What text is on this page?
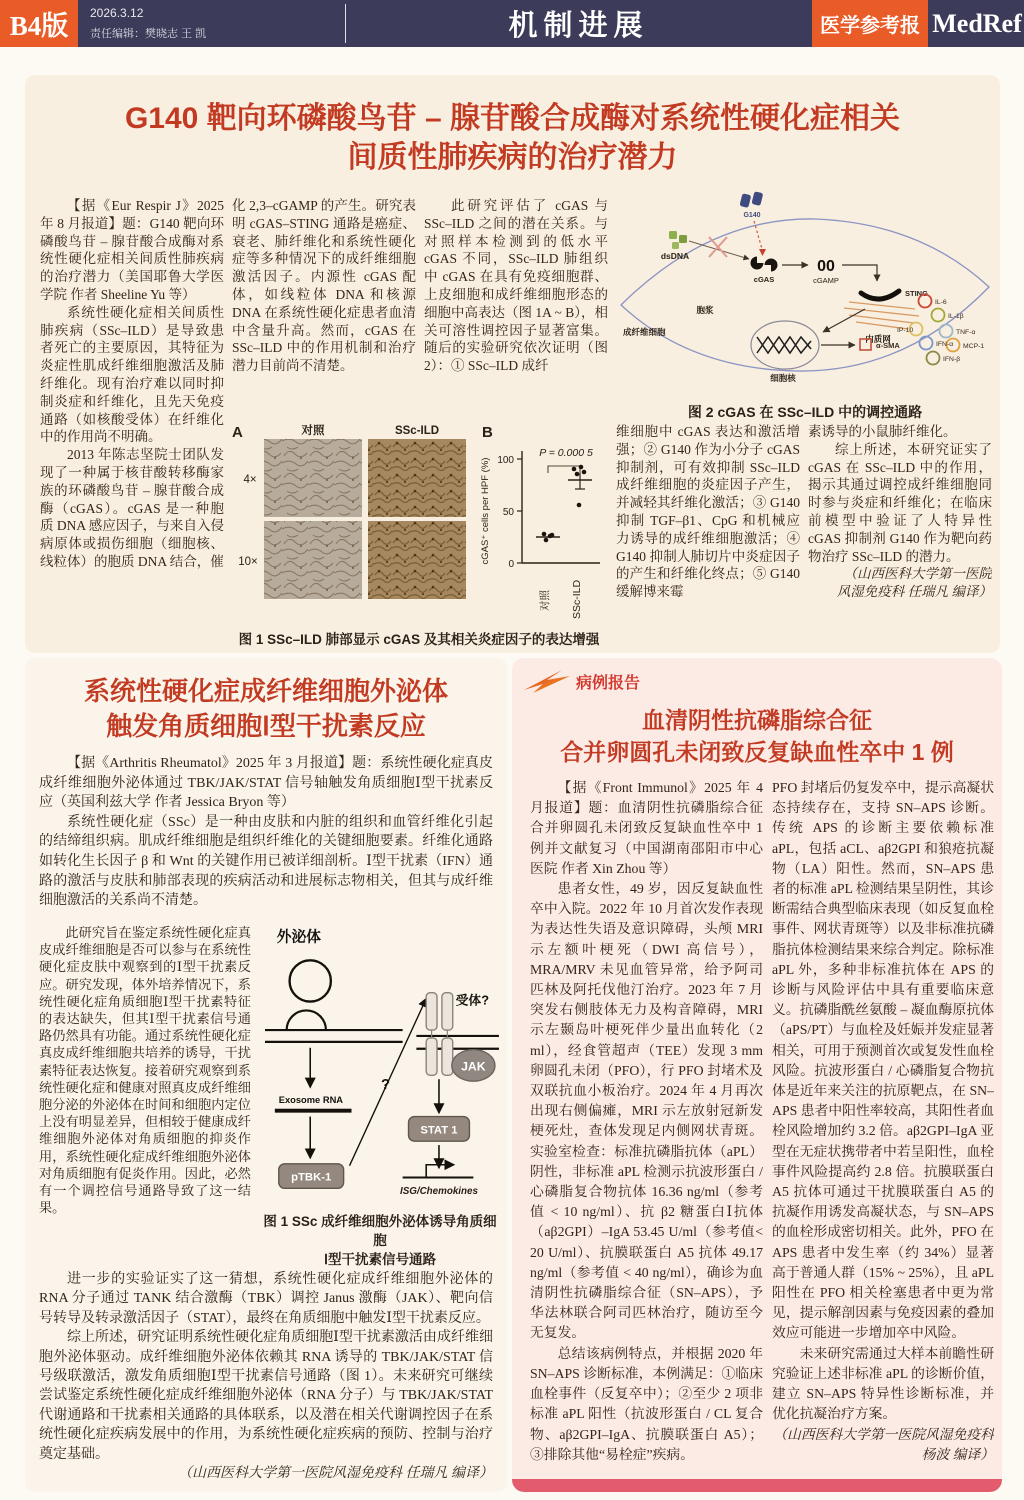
B4版	2026.3.12
责任编辑：樊晓志 王 凯	机制进展	医学参考报 MedRef
G140 靶向环磷酸鸟苷 – 腺苷酸合成酶对系统性硬化症相关
间质性肺疾病的治疗潜力

【据《Eur Respir J》2025 年 8 月报道】题：G140 靶向环磷酸鸟苷 – 腺苷酸合成酶对系统性硬化症相关间质性肺疾病的治疗潜力（美国耶鲁大学医学院 作者 Sheeline Yu 等）

系统性硬化症相关间质性肺疾病（SSc–ILD）是导致患者死亡的主要原因，其特征为炎症性肌成纤维细胞激活及肺纤维化。现有治疗难以同时抑制炎症和纤维化，且先天免疫通路（如核酸受体）在纤维化中的作用尚不明确。

2013 年陈志坚院士团队发现了一种属于核苷酸转移酶家族的环磷酸鸟苷 – 腺苷酸合成酶（cGAS）。cGAS 是一种胞质 DNA 感应因子，与来自入侵病原体或损伤细胞（细胞核、线粒体）的胞质 DNA 结合，催

化 2,3–cGAMP 的产生。研究表明 cGAS–STING 通路是癌症、衰老、肺纤维化和系统性硬化症等多种情况下的成纤维细胞激活因子。内源性 cGAS 配体，如线粒体 DNA 和核源 DNA 在系统性硬化症患者血清中含量升高。然而，cGAS 在 SSc–ILD 中的作用机制和治疗潜力目前尚不清楚。

此研究评估了 cGAS 与 SSc–ILD 之间的潜在关系。与对照样本检测到的低水平 cGAS 不同，SSc–ILD 肺组织中 cGAS 在具有免疫细胞群、上皮细胞和成纤维细胞形态的细胞中高表达（图 1A ~ B），相关可溶性调控因子显著富集。随后的实验研究依次证明（图 2）：① SSc–ILD 成纤

维细胞中 cGAS 表达和激活增强；② G140 作为小分子 cGAS 抑制剂，可有效抑制 SSc–ILD 成纤维细胞的炎症因子产生，并减轻其纤维化激活；③ G140 抑制 TGF–β1、CpG 和机械应力诱导的成纤维细胞激活；④ G140 抑制人肺切片中炎症因子的产生和纤维化终点；⑤ G140 缓解博来霉

素诱导的小鼠肺纤维化。

综上所述，本研究证实了 cGAS 在 SSc–ILD 中的作用，揭示其通过调控成纤维细胞同时参与炎症和纤维化；在临床前模型中验证了人特异性 cGAS 抑制剂 G140 作为靶向药物治疗 SSc–ILD 的潜力。

（山西医科大学第一医院

风湿免疫科 任瑞凡 编译）

A	对照	SSc-ILD
4×
10×
B
cGAS⁺ cells per HPF (%) 100
50
0
P = 0.000 5
对照 SSc-ILD
图 1 SSc–ILD 肺部显示 cGAS 及其相关炎症因子的表达增强
G140
dsDNA
cGAS
00
cGAMP
STING
内质网
细胞核
α-SMA
IL-6
IL-1β
IP-10	TNF-α
IFN-α MCP-1
IFN-β
胞浆
成纤维细胞
图 2 cGAS 在 SSc–ILD 中的调控通路
系统性硬化症成纤维细胞外泌体
触发角质细胞Ⅰ型干扰素反应

【据《Arthritis Rheumatol》2025 年 3 月报道】题：系统性硬化症真皮成纤维细胞外泌体通过 TBK/JAK/STAT 信号轴触发角质细胞Ⅰ型干扰素反应（英国利兹大学 作者 Jessica Bryon 等）

系统性硬化症（SSc）是一种由皮肤和内脏的组织和血管纤维化引起的结缔组织病。肌成纤维细胞是组织纤维化的关键细胞要素。纤维化通路如转化生长因子 β 和 Wnt 的关键作用已被详细剖析。Ⅰ型干扰素（IFN）通路的激活与皮肤和肺部表现的疾病活动和进展标志物相关，但其与成纤维细胞激活的关系尚不清楚。

此研究旨在鉴定系统性硬化症真皮成纤维细胞是否可以参与在系统性硬化症皮肤中观察到的Ⅰ型干扰素反应。研究发现，体外培养情况下，系统性硬化症角质细胞Ⅰ型干扰素特征的表达缺失，但其Ⅰ型干扰素信号通路仍然具有功能。通过系统性硬化症真皮成纤维细胞共培养的诱导，干扰素特征表达恢复。接着研究观察到系统性硬化症和健康对照真皮成纤维细胞分泌的外泌体在时间和细胞内定位上没有明显差异，但相较于健康成纤维细胞外泌体对角质细胞的抑炎作用，系统性硬化症成纤维细胞外泌体对角质细胞有促炎作用。因此，必然有一个调控信号通路导致了这一结果。

外泌体
Exosome RNA
pTBK-1
?
受体?
JAK
STAT 1
ISG/Chemokines
图 1 SSc 成纤维细胞外泌体诱导角质细胞
Ⅰ型干扰素信号通路

进一步的实验证实了这一猜想，系统性硬化症成纤维细胞外泌体的 RNA 分子通过 TANK 结合激酶（TBK）调控 Janus 激酶（JAK）、靶向信号转导及转录激活因子（STAT），最终在角质细胞中触发Ⅰ型干扰素反应。

综上所述，研究证明系统性硬化症角质细胞Ⅰ型干扰素激活由成纤维细胞外泌体驱动。成纤维细胞外泌体依赖其 RNA 诱导的 TBK/JAK/STAT 信号级联激活，激发角质细胞Ⅰ型干扰素信号通路（图 1）。未来研究可继续尝试鉴定系统性硬化症成纤维细胞外泌体（RNA 分子）与 TBK/JAK/STAT 代谢通路和干扰素相关通路的具体联系，以及潜在相关代谢调控因子在系统性硬化症疾病发展中的作用，为系统性硬化症疾病的预防、控制与治疗奠定基础。

（山西医科大学第一医院风湿免疫科 任瑞凡 编译）

病例报告
血清阴性抗磷脂综合征
合并卵圆孔未闭致反复缺血性卒中 1 例

【据《Front Immunol》2025 年 4 月报道】题：血清阴性抗磷脂综合征合并卵圆孔未闭致反复缺血性卒中 1 例并文献复习（中国湖南邵阳市中心医院 作者 Xin Zhou 等）

患者女性，49 岁，因反复缺血性卒中入院。2022 年 10 月首次发作表现为表达性失语及意识障碍，头颅 MRI 示左额叶梗死（DWI 高信号），MRA/MRV 未见血管异常，给予阿司匹林及阿托伐他汀治疗。2023 年 7 月突发右侧肢体无力及构音障碍，MRI 示左颞岛叶梗死伴少量出血转化（2 ml），经食管超声（TEE）发现 3 mm 卵圆孔未闭（PFO），行 PFO 封堵术及双联抗血小板治疗。2024 年 4 月再次出现右侧偏瘫，MRI 示左放射冠新发梗死灶，查体发现足内侧网状青斑。实验室检查：标准抗磷脂抗体（aPL）阴性，非标准 aPL 检测示抗波形蛋白 / 心磷脂复合物抗体 16.36 ng/ml（参考值 < 10 ng/ml）、抗 β2 糖蛋白Ⅰ抗体（aβ2GPI）–IgA 53.45 U/ml（参考值< 20 U/ml）、抗膜联蛋白 A5 抗体 49.17 ng/ml（参考值 < 40 ng/ml），确诊为血清阴性抗磷脂综合征（SN–APS），予华法林联合阿司匹林治疗，随访至今无复发。

总结该病例特点，并根据 2020 年 SN–APS 诊断标准，本例满足：①临床血栓事件（反复卒中）；②至少 2 项非标准 aPL 阳性（抗波形蛋白 / CL 复合物、aβ2GPI–IgA、抗膜联蛋白 A5）；③排除其他“易栓症”疾病。

PFO 封堵后仍复发卒中，提示高凝状态持续存在，支持 SN–APS 诊断。传统 APS 的诊断主要依赖标准 aPL，包括 aCL、aβ2GPI 和狼疮抗凝物（LA）阳性。然而，SN–APS 患者的标准 aPL 检测结果呈阴性，其诊断需结合典型临床表现（如反复血栓事件、网状青斑等）以及非标准抗磷脂抗体检测结果来综合判定。除标准 aPL 外，多种非标准抗体在 APS 的诊断与风险评估中具有重要临床意义。抗磷脂酰丝氨酸 – 凝血酶原抗体（aPS/PT）与血栓及妊娠并发症显著相关，可用于预测首次或复发性血栓风险。抗波形蛋白 / 心磷脂复合物抗体是近年来关注的抗原靶点，在 SN–APS 患者中阳性率较高，其阳性者血栓风险增加约 3.2 倍。aβ2GPI–IgA 亚型在无症状携带者中若呈阳性，血栓事件风险提高约 2.8 倍。抗膜联蛋白 A5 抗体可通过干扰膜联蛋白 A5 的抗凝作用诱发高凝状态，与 SN–APS 的血栓形成密切相关。此外，PFO 在 APS 患者中发生率（约 34%）显著高于普通人群（15% ~ 25%），且 aPL 阳性在 PFO 相关栓塞患者中更为常见，提示解剖因素与免疫因素的叠加效应可能进一步增加卒中风险。

未来研究需通过大样本前瞻性研究验证上述非标准 aPL 的诊断价值，建立 SN–APS 特异性诊断标准，并优化抗凝治疗方案。

（山西医科大学第一医院风湿免疫科

杨波 编译）
